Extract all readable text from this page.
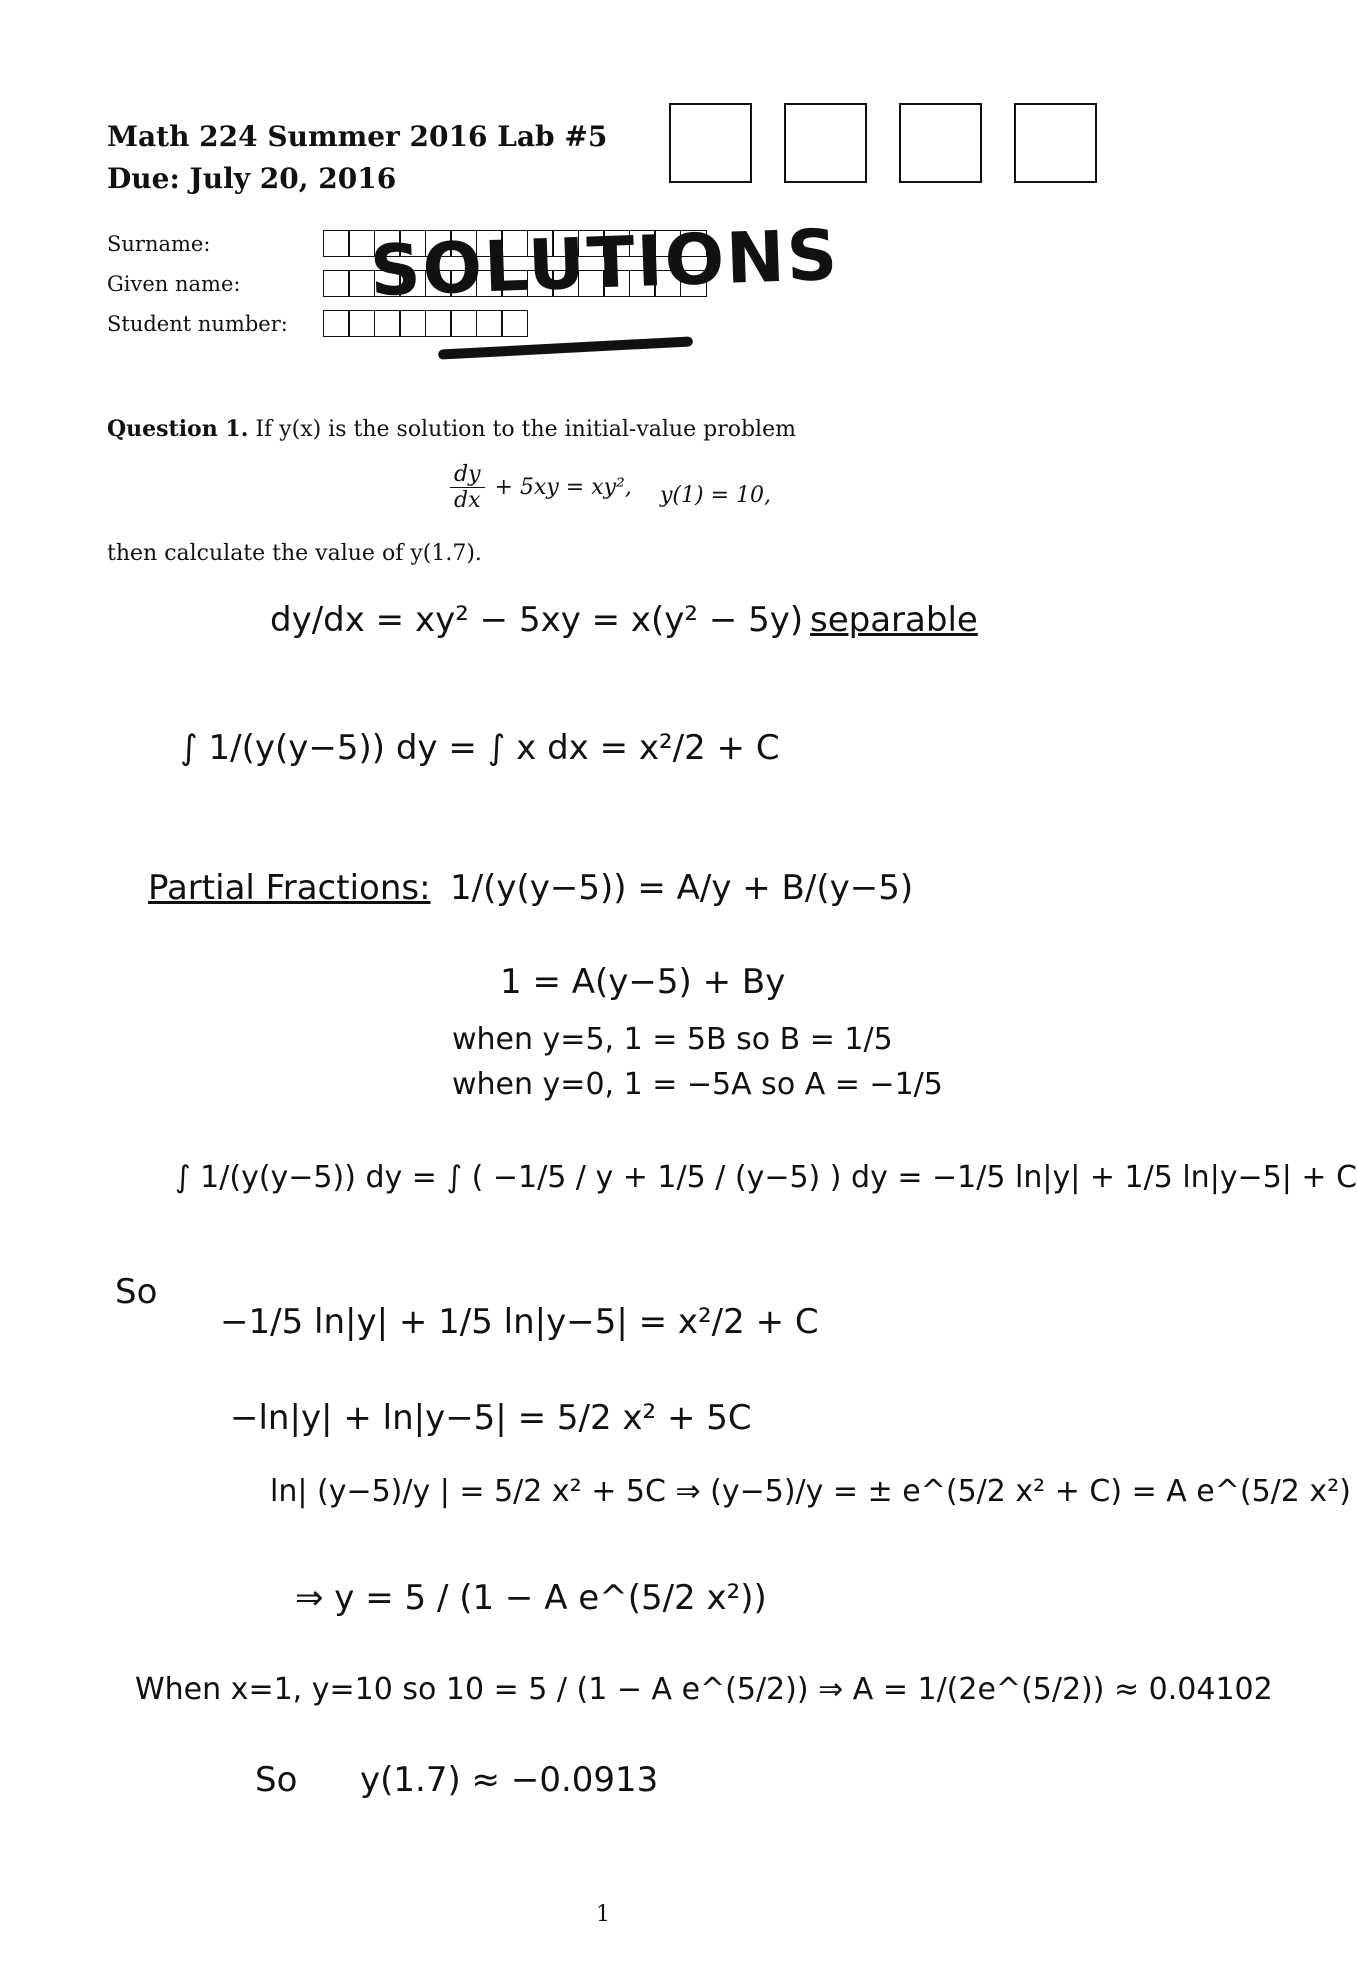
Math 224 Summer 2016 Lab #5
Due: July 20, 2016
Surname:
Given name:
Student number:
SOLUTIONS
Question 1. If y(x) is the solution to the initial-value problem
$\frac{dy}{dx} + 5xy = xy^2$, y(1) = 10,
then calculate the value of y(1.7).
dy/dx = xy² − 5xy = x(y² − 5y) separable
∫ 1/(y(y−5)) dy = ∫ x dx = x²/2 + C
Partial Fractions: 1/(y(y−5)) = A/y + B/(y−5)
1 = A(y−5) + By
when y=5, 1 = 5B so B = 1/5
when y=0, 1 = −5A so A = −1/5
∫ 1/(y(y−5)) dy = ∫ ( −1/5 / y + 1/5 / (y−5) ) dy = −1/5 ln|y| + 1/5 ln|y−5| + C
So
−1/5 ln|y| + 1/5 ln|y−5| = x²/2 + C
−ln|y| + ln|y−5| = 5/2 x² + 5C
ln| (y−5)/y | = 5/2 x² + 5C ⇒ (y−5)/y = ± e^(5/2 x² + C) = A e^(5/2 x²)
⇒ y = 5 / (1 − A e^(5/2 x²))
When x=1, y=10 so 10 = 5 / (1 − A e^(5/2)) ⇒ A = 1/(2e^(5/2)) ≈ 0.04102
So y(1.7) ≈ −0.0913
1
